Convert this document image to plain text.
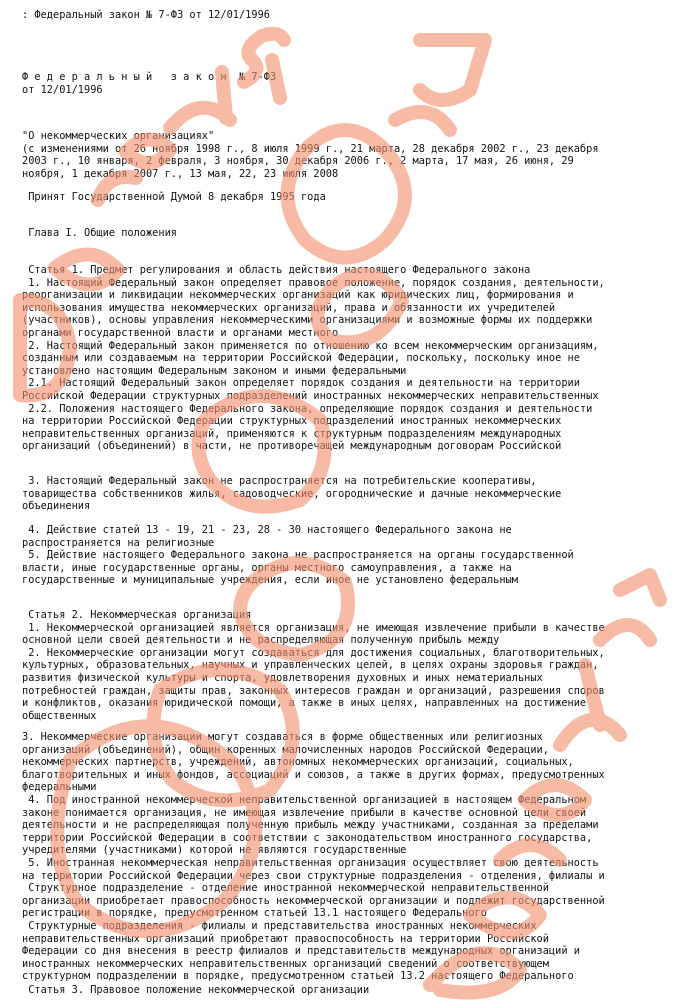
: Федеральный закон № 7-ФЗ от 12/01/1996
Ф е д е р а л ь н ы й   з а к о н  № 7-ФЗ
от 12/01/1996
"О некоммерческих организациях"
(с изменениями от 26 ноября 1998 г., 8 июля 1999 г., 21 марта, 28 декабря 2002 г., 23 декабря
2003 г., 10 января, 2 февраля, 3 ноября, 30 декабря 2006 г., 2 марта, 17 мая, 26 июня, 29
ноября, 1 декабря 2007 г., 13 мая, 22, 23 июля 2008
Принят Государственной Думой 8 декабря 1995 года
Глава I. Общие положения
Статья 1. Предмет регулирования и область действия настоящего Федерального закона
1. Настоящий Федеральный закон определяет правовое положение, порядок создания, деятельности,
реорганизации и ликвидации некоммерческих организаций как юридических лиц, формирования и
использования имущества некоммерческих организаций, права и обязанности их учредителей
(участников), основы управления некоммерческими организациями и возможные формы их поддержки
органами государственной власти и органами местного
2. Настоящий Федеральный закон применяется по отношению ко всем некоммерческим организациям,
созданным или создаваемым на территории Российской Федерации, поскольку, поскольку иное не
установлено настоящим Федеральным законом и иными федеральными
2.1. Настоящий Федеральный закон определяет порядок создания и деятельности на территории
Российской Федерации структурных подразделений иностранных некоммерческих неправительственных
2.2. Положения настоящего Федерального закона, определяющие порядок создания и деятельности
на территории Российской Федерации структурных подразделений иностранных некоммерческих
неправительственных организаций, применяются к структурным подразделениям международных
организаций (объединений) в части, не противоречащей международным договорам Российской
3. Настоящий Федеральный закон не распространяется на потребительские кооперативы,
товарищества собственников жилья, садоводческие, огороднические и дачные некоммерческие
объединения
4. Действие статей 13 - 19, 21 - 23, 28 - 30 настоящего Федерального закона не
распространяется на религиозные
5. Действие настоящего Федерального закона не распространяется на органы государственной
власти, иные государственные органы, органы местного самоуправления, а также на
государственные и муниципальные учреждения, если иное не установлено федеральным
Статья 2. Некоммерческая организация
1. Некоммерческой организацией является организация, не имеющая извлечение прибыли в качестве
основной цели своей деятельности и не распределяющая полученную прибыль между
2. Некоммерческие организации могут создаваться для достижения социальных, благотворительных,
культурных, образовательных, научных и управленческих целей, в целях охраны здоровья граждан,
развития физической культуры и спорта, удовлетворения духовных и иных нематериальных
потребностей граждан, защиты прав, законных интересов граждан и организаций, разрешения споров
и конфликтов, оказания юридической помощи, а также в иных целях, направленных на достижение
общественных
3. Некоммерческие организации могут создаваться в форме общественных или религиозных
организаций (объединений), общин коренных малочисленных народов Российской Федерации,
некоммерческих партнерств, учреждений, автономных некоммерческих организаций, социальных,
благотворительных и иных фондов, ассоциаций и союзов, а также в других формах, предусмотренных
федеральными
4. Под иностранной некоммерческой неправительственной организацией в настоящем Федеральном
законе понимается организация, не имеющая извлечение прибыли в качестве основной цели своей
деятельности и не распределяющая полученную прибыль между участниками, созданная за пределами
территории Российской Федерации в соответствии с законодательством иностранного государства,
учредителями (участниками) которой не являются государственные
5. Иностранная некоммерческая неправительственная организация осуществляет свою деятельность
на территории Российской Федерации через свои структурные подразделения - отделения, филиалы и
Структурное подразделение - отделение иностранной некоммерческой неправительственной
организации приобретает правоспособность некоммерческой организации и подлежит государственной
регистрации в порядке, предусмотренном статьей 13.1 настоящего Федерального
Структурные подразделения - филиалы и представительства иностранных некоммерческих
неправительственных организаций приобретают правоспособность на территории Российской
Федерации со дня внесения в реестр филиалов и представительств международных организаций и
иностранных некоммерческих неправительственных организаций сведений о соответствующем
структурном подразделении в порядке, предусмотренном статьей 13.2 настоящего Федерального
Статья 3. Правовое положение некоммерческой организации
